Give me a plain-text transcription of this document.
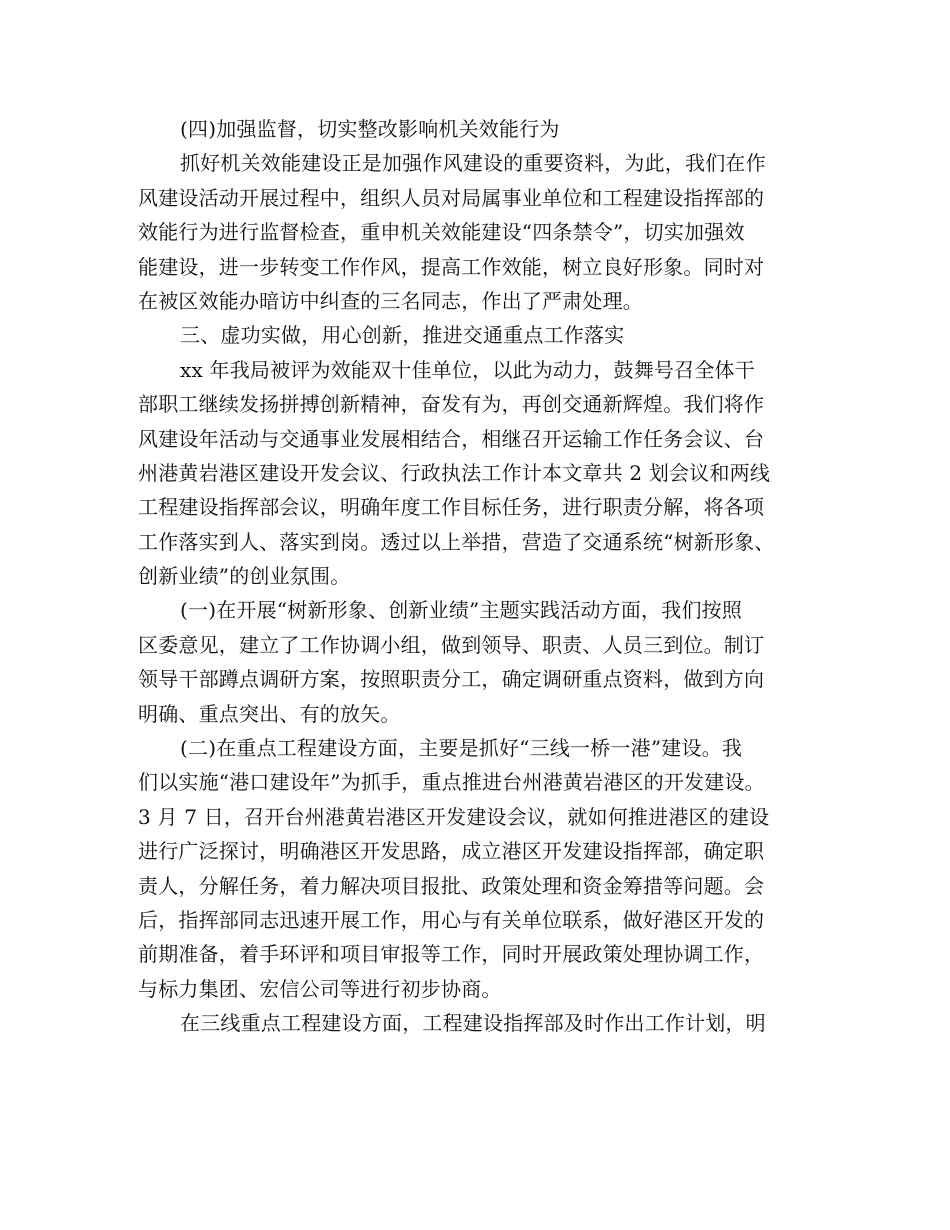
(四)加强监督，切实整改影响机关效能行为
抓好机关效能建设正是加强作风建设的重要资料，为此，我们在作
风建设活动开展过程中，组织人员对局属事业单位和工程建设指挥部的
效能行为进行监督检查，重申机关效能建设“四条禁令”，切实加强效
能建设，进一步转变工作作风，提高工作效能，树立良好形象。同时对
在被区效能办暗访中纠查的三名同志，作出了严肃处理。
三、虚功实做，用心创新，推进交通重点工作落实
xx 年我局被评为效能双十佳单位，以此为动力，鼓舞号召全体干
部职工继续发扬拼搏创新精神，奋发有为，再创交通新辉煌。我们将作
风建设年活动与交通事业发展相结合，相继召开运输工作任务会议、台
州港黄岩港区建设开发会议、行政执法工作计本文章共 2 划会议和两线
工程建设指挥部会议，明确年度工作目标任务，进行职责分解，将各项
工作落实到人、落实到岗。透过以上举措，营造了交通系统“树新形象、
创新业绩”的创业氛围。
(一)在开展“树新形象、创新业绩”主题实践活动方面，我们按照
区委意见，建立了工作协调小组，做到领导、职责、人员三到位。制订
领导干部蹲点调研方案，按照职责分工，确定调研重点资料，做到方向
明确、重点突出、有的放矢。
(二)在重点工程建设方面，主要是抓好“三线一桥一港”建设。我
们以实施“港口建设年”为抓手，重点推进台州港黄岩港区的开发建设。
3 月 7 日，召开台州港黄岩港区开发建设会议，就如何推进港区的建设
进行广泛探讨，明确港区开发思路，成立港区开发建设指挥部，确定职
责人，分解任务，着力解决项目报批、政策处理和资金筹措等问题。会
后，指挥部同志迅速开展工作，用心与有关单位联系，做好港区开发的
前期准备，着手环评和项目审报等工作，同时开展政策处理协调工作，
与标力集团、宏信公司等进行初步协商。
在三线重点工程建设方面，工程建设指挥部及时作出工作计划，明
